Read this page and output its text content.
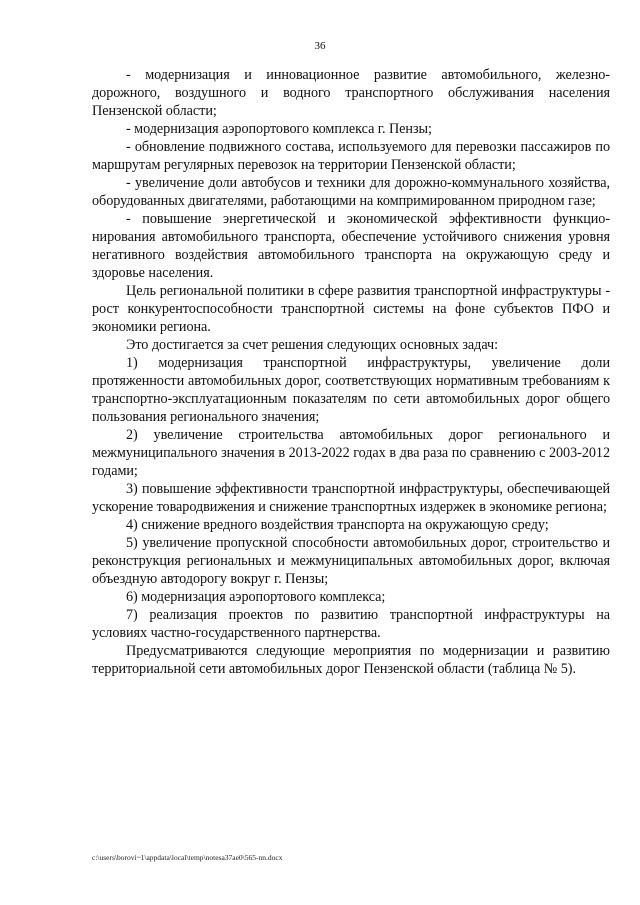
36

- модернизация и инновационное развитие автомобильного, железно-дорожного, воздушного и водного транспортного обслуживания населения Пензенской области;

- модернизация аэропортового комплекса г. Пензы;

- обновление подвижного состава, используемого для перевозки пассажиров по маршрутам регулярных перевозок на территории Пензенской области;

- увеличение доли автобусов и техники для дорожно-коммунального хозяйства, оборудованных двигателями, работающими на компримированном природном газе;

- повышение энергетической и экономической эффективности функцио-нирования автомобильного транспорта, обеспечение устойчивого снижения уровня негативного воздействия автомобильного транспорта на окружающую среду и здоровье населения.

Цель региональной политики в сфере развития транспортной инфраструктуры - рост конкурентоспособности транспортной системы на фоне субъектов ПФО и экономики региона.

Это достигается за счет решения следующих основных задач:

1) модернизация транспортной инфраструктуры, увеличение доли протяженности автомобильных дорог, соответствующих нормативным требованиям к транспортно-эксплуатационным показателям по сети автомобильных дорог общего пользования регионального значения;

2) увеличение строительства автомобильных дорог регионального и межмуниципального значения в 2013-2022 годах в два раза по сравнению с 2003-2012 годами;

3) повышение эффективности транспортной инфраструктуры, обеспечивающей ускорение товародвижения и снижение транспортных издержек в экономике региона;

4) снижение вредного воздействия транспорта на окружающую среду;

5) увеличение пропускной способности автомобильных дорог, строительство и реконструкция региональных и межмуниципальных автомобильных дорог, включая объездную автодорогу вокруг г. Пензы;

6) модернизация аэропортового комплекса;

7) реализация проектов по развитию транспортной инфраструктуры на условиях частно-государственного партнерства.

Предусматриваются следующие мероприятия по модернизации и развитию территориальной сети автомобильных дорог Пензенской области (таблица № 5).

c:\users\borovi~1\appdata\local\temp\notesa37ae0\565-nn.docx
